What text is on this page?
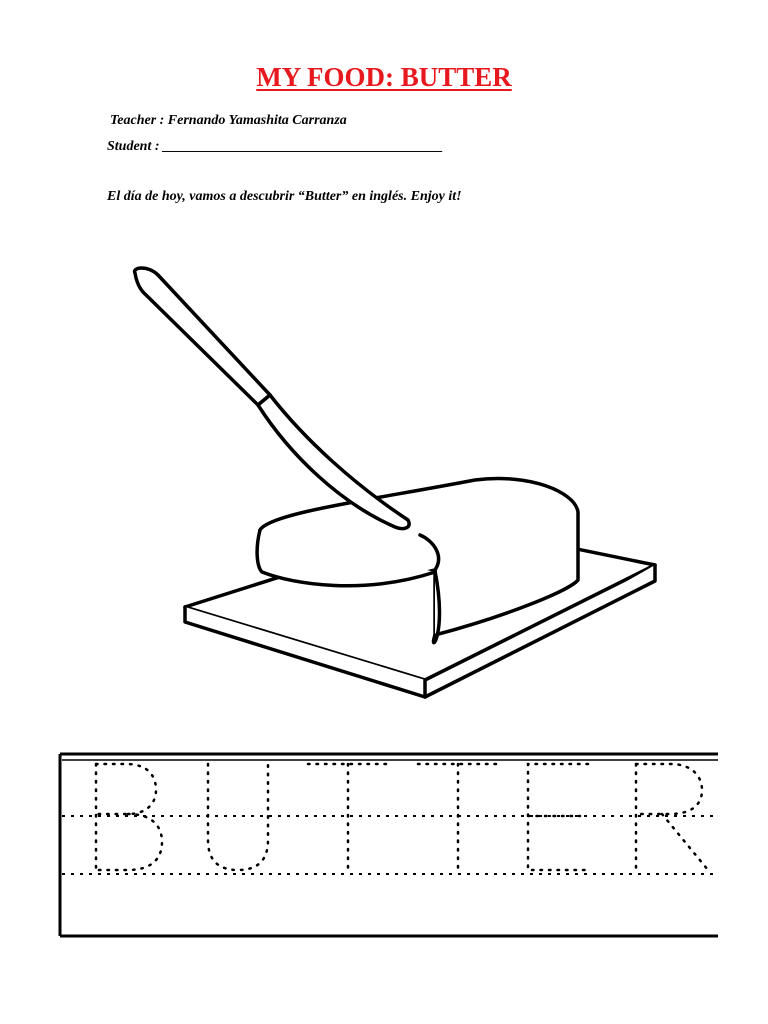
MY FOOD: BUTTER
Teacher : Fernando Yamashita Carranza
Student : ________________________________________
El día de hoy, vamos a descubrir “Butter” en inglés. Enjoy it!
